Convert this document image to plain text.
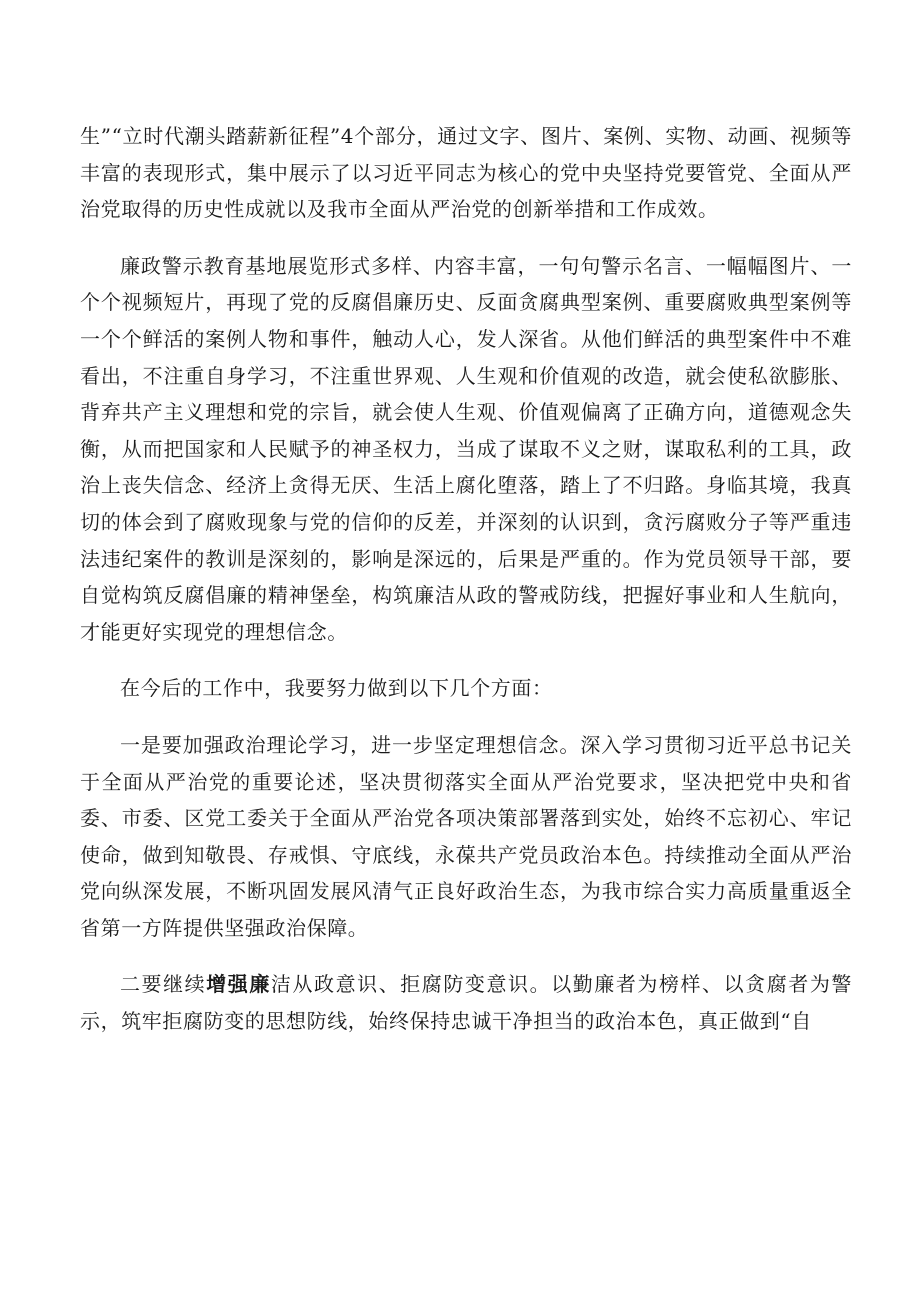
生”“立时代潮头踏薪新征程”4个部分，通过文字、图片、案例、实物、动画、视频等丰富的表现形式，集中展示了以习近平同志为核心的党中央坚持党要管党、全面从严治党取得的历史性成就以及我市全面从严治党的创新举措和工作成效。

廉政警示教育基地展览形式多样、内容丰富，一句句警示名言、一幅幅图片、一个个视频短片，再现了党的反腐倡廉历史、反面贪腐典型案例、重要腐败典型案例等一个个鲜活的案例人物和事件，触动人心，发人深省。从他们鲜活的典型案件中不难看出，不注重自身学习，不注重世界观、人生观和价值观的改造，就会使私欲膨胀、背弃共产主义理想和党的宗旨，就会使人生观、价值观偏离了正确方向，道德观念失衡，从而把国家和人民赋予的神圣权力，当成了谋取不义之财，谋取私利的工具，政治上丧失信念、经济上贪得无厌、生活上腐化堕落，踏上了不归路。身临其境，我真切的体会到了腐败现象与党的信仰的反差，并深刻的认识到，贪污腐败分子等严重违法违纪案件的教训是深刻的，影响是深远的，后果是严重的。作为党员领导干部，要自觉构筑反腐倡廉的精神堡垒，构筑廉洁从政的警戒防线，把握好事业和人生航向，才能更好实现党的理想信念。

在今后的工作中，我要努力做到以下几个方面：

一是要加强政治理论学习，进一步坚定理想信念。深入学习贯彻习近平总书记关于全面从严治党的重要论述，坚决贯彻落实全面从严治党要求，坚决把党中央和省委、市委、区党工委关于全面从严治党各项决策部署落到实处，始终不忘初心、牢记使命，做到知敬畏、存戒惧、守底线，永葆共产党员政治本色。持续推动全面从严治党向纵深发展，不断巩固发展风清气正良好政治生态，为我市综合实力高质量重返全省第一方阵提供坚强政治保障。

二要继续增强廉洁从政意识、拒腐防变意识。以勤廉者为榜样、以贪腐者为警示，筑牢拒腐防变的思想防线，始终保持忠诚干净担当的政治本色，真正做到“自
